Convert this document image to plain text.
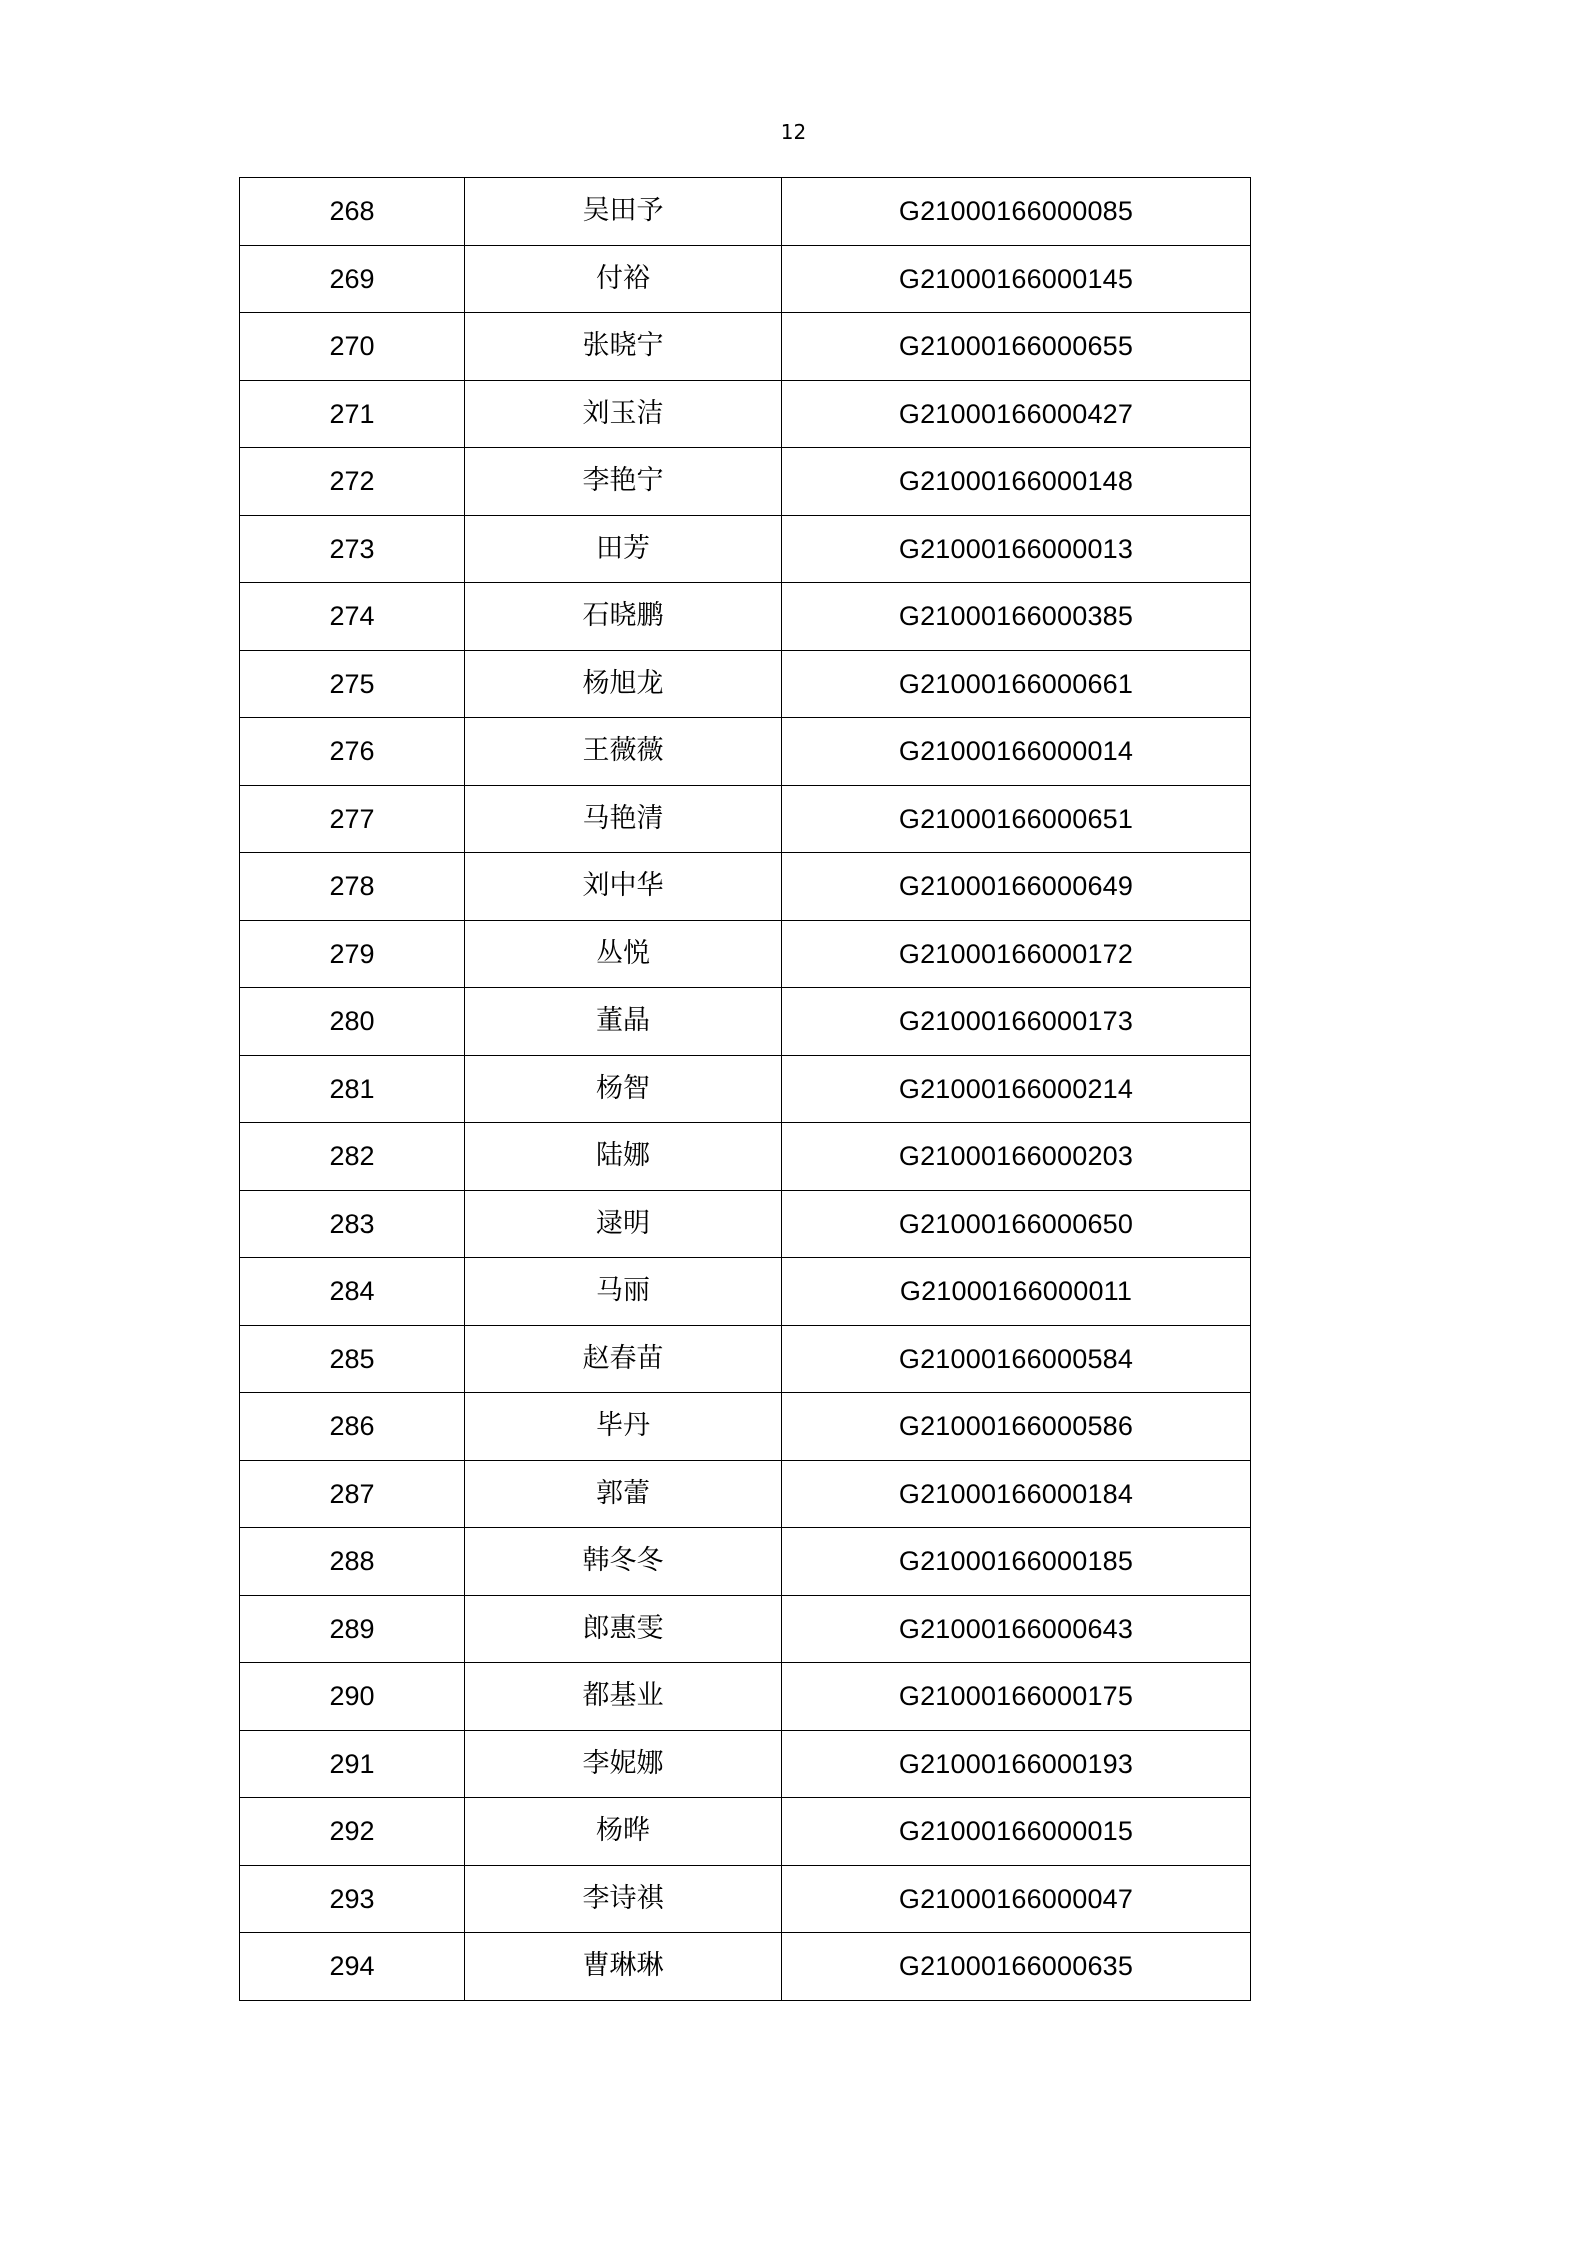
12
268	吴田予	G21000166000085
269	付裕	G21000166000145
270	张晓宁	G21000166000655
271	刘玉洁	G21000166000427
272	李艳宁	G21000166000148
273	田芳	G21000166000013
274	石晓鹏	G21000166000385
275	杨旭龙	G21000166000661
276	王薇薇	G21000166000014
277	马艳清	G21000166000651
278	刘中华	G21000166000649
279	丛悦	G21000166000172
280	董晶	G21000166000173
281	杨智	G21000166000214
282	陆娜	G21000166000203
283	逯明	G21000166000650
284	马丽	G21000166000011
285	赵春苗	G21000166000584
286	毕丹	G21000166000586
287	郭蕾	G21000166000184
288	韩冬冬	G21000166000185
289	郎惠雯	G21000166000643
290	都基业	G21000166000175
291	李妮娜	G21000166000193
292	杨晔	G21000166000015
293	李诗祺	G21000166000047
294	曹琳琳	G21000166000635
